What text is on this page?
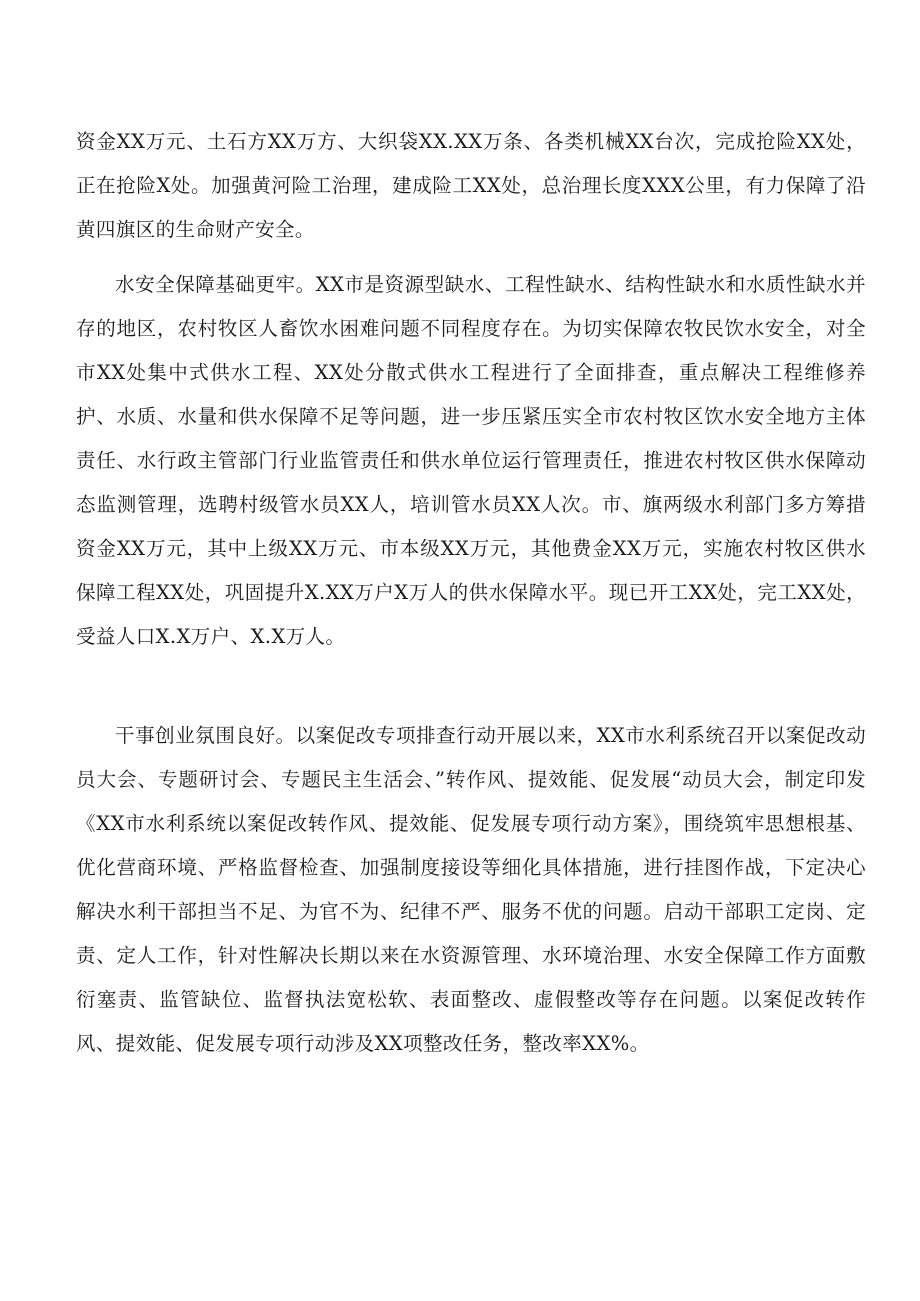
资金XX万元、土石方XX万方、大织袋XX.XX万条、各类机械XX台次，完成抢险XX处，正在抢险X处。加强黄河险工治理，建成险工XX处，总治理长度XXX公里，有力保障了沿黄四旗区的生命财产安全。

水安全保障基础更牢。XX市是资源型缺水、工程性缺水、结构性缺水和水质性缺水并存的地区，农村牧区人畜饮水困难问题不同程度存在。为切实保障农牧民饮水安全，对全市XX处集中式供水工程、XX处分散式供水工程进行了全面排查，重点解决工程维修养护、水质、水量和供水保障不足等问题，进一步压紧压实全市农村牧区饮水安全地方主体责任、水行政主管部门行业监管责任和供水单位运行管理责任，推进农村牧区供水保障动态监测管理，选聘村级管水员XX人，培训管水员XX人次。市、旗两级水利部门多方筹措资金XX万元，其中上级XX万元、市本级XX万元，其他费金XX万元，实施农村牧区供水保障工程XX处，巩固提升X.XX万户X万人的供水保障水平。现已开工XX处，完工XX处，受益人口X.X万户、X.X万人。

干事创业氛围良好。以案促改专项排查行动开展以来，XX市水利系统召开以案促改动员大会、专题研讨会、专题民主生活会、”转作风、提效能、促发展“动员大会，制定印发《XX市水利系统以案促改转作风、提效能、促发展专项行动方案》，围绕筑牢思想根基、优化营商环境、严格监督检查、加强制度接设等细化具体措施，进行挂图作战，下定决心解决水利干部担当不足、为官不为、纪律不严、服务不优的问题。启动干部职工定岗、定责、定人工作，针对性解决长期以来在水资源管理、水环境治理、水安全保障工作方面敷衍塞责、监管缺位、监督执法宽松软、表面整改、虚假整改等存在问题。以案促改转作风、提效能、促发展专项行动涉及XX项整改任务，整改率XX%。
